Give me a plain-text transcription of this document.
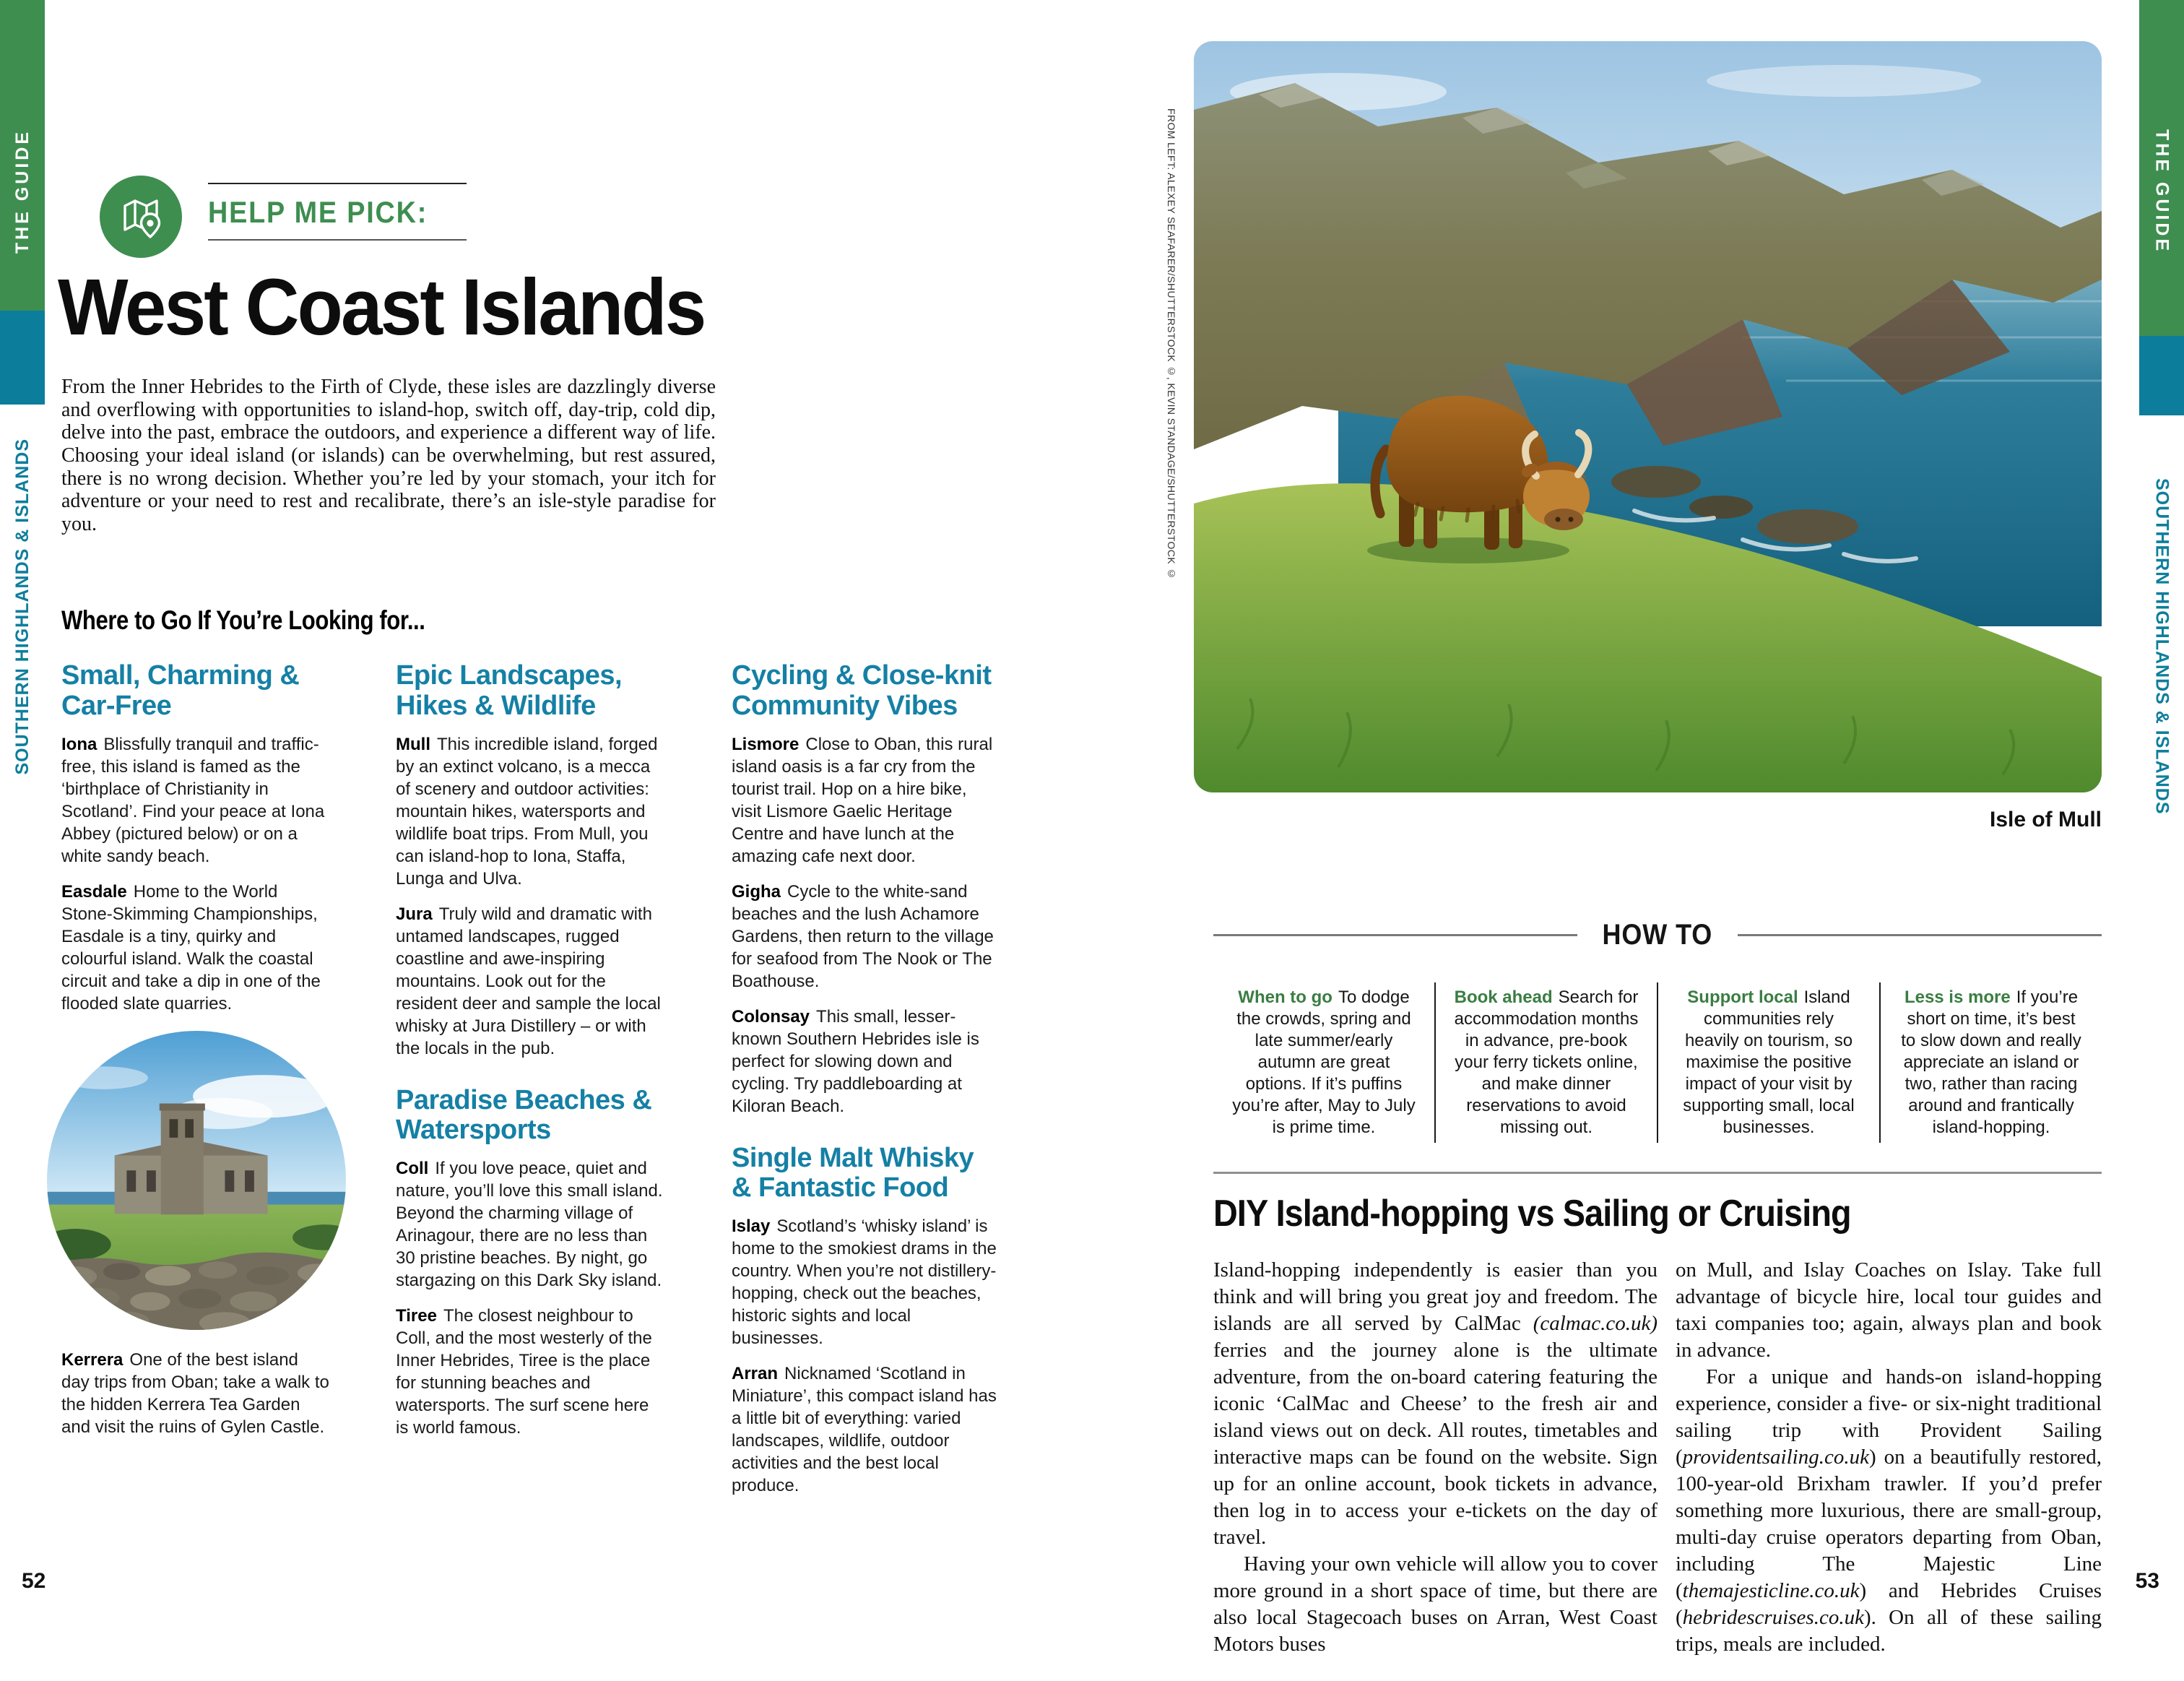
THE GUIDE
SOUTHERN HIGHLANDS & ISLANDS
THE GUIDE
SOUTHERN HIGHLANDS & ISLANDS
HELP ME PICK:
West Coast Islands
From the Inner Hebrides to the Firth of Clyde, these isles are dazzlingly diverse and overflowing with opportunities to island-hop, switch off, day-trip, cold dip, delve into the past, embrace the outdoors, and experience a different way of life. Choosing your ideal island (or islands) can be overwhelming, but rest assured, there is no wrong decision. Whether you’re led by your stomach, your itch for adventure or your need to rest and recalibrate, there’s an isle-style paradise for you.
Where to Go If You’re Looking for...
Small, Charming & Car-Free

Iona Blissfully tranquil and traffic-free, this island is famed as the ‘birthplace of Christianity in Scotland’. Find your peace at Iona Abbey (pictured below) or on a white sandy beach.

Easdale Home to the World Stone-Skimming Championships, Easdale is a tiny, quirky and colourful island. Walk the coastal circuit and take a dip in one of the flooded slate quarries.

Kerrera One of the best island day trips from Oban; take a walk to the hidden Kerrera Tea Garden and visit the ruins of Gylen Castle.

Epic Landscapes, Hikes & Wildlife

Mull This incredible island, forged by an extinct volcano, is a mecca of scenery and outdoor activities: mountain hikes, watersports and wildlife boat trips. From Mull, you can island-hop to Iona, Staffa, Lunga and Ulva.

Jura Truly wild and dramatic with untamed landscapes, rugged coastline and awe-inspiring mountains. Look out for the resident deer and sample the local whisky at Jura Distillery – or with the locals in the pub.

Paradise Beaches & Watersports

Coll If you love peace, quiet and nature, you’ll love this small island. Beyond the charming village of Arinagour, there are no less than 30 pristine beaches. By night, go stargazing on this Dark Sky island.

Tiree The closest neighbour to Coll, and the most westerly of the Inner Hebrides, Tiree is the place for stunning beaches and watersports. The surf scene here is world famous.

Cycling & Close-knit Community Vibes

Lismore Close to Oban, this rural island oasis is a far cry from the tourist trail. Hop on a hire bike, visit Lismore Gaelic Heritage Centre and have lunch at the amazing cafe next door.

Gigha Cycle to the white-sand beaches and the lush Achamore Gardens, then return to the village for seafood from The Nook or The Boathouse.

Colonsay This small, lesser-known Southern Hebrides isle is perfect for slowing down and cycling. Try paddleboarding at Kiloran Beach.

Single Malt Whisky & Fantastic Food

Islay Scotland’s ‘whisky island’ is home to the smokiest drams in the country. When you’re not distillery-hopping, check out the beaches, historic sights and local businesses.

Arran Nicknamed ‘Scotland in Miniature’, this compact island has a little bit of everything: varied landscapes, wildlife, outdoor activities and the best local produce.

52
FROM LEFT: ALEXEY SEAFARER/SHUTTERSTOCK ©, KEVIN STANDAGE/SHUTTERSTOCK ©
Isle of Mull
HOW TO
When to go To dodge the crowds, spring and late summer/early autumn are great options. If it’s puffins you’re after, May to July is prime time.
Book ahead Search for accommodation months in advance, pre-book your ferry tickets online, and make dinner reservations to avoid missing out.
Support local Island communities rely heavily on tourism, so maximise the positive impact of your visit by supporting small, local businesses.
Less is more If you’re short on time, it’s best to slow down and really appreciate an island or two, rather than racing around and frantically island-hopping.
DIY Island-hopping vs Sailing or Cruising

Island-hopping independently is easier than you think and will bring you great joy and freedom. The islands are all served by CalMac (calmac.co.uk) ferries and the journey alone is the ultimate adventure, from the on-board catering featuring the iconic ‘CalMac and Cheese’ to the fresh air and island views out on deck. All routes, timetables and interactive maps can be found on the website. Sign up for an online account, book tickets in advance, then log in to access your e-tickets on the day of travel.

Having your own vehicle will allow you to cover more ground in a short space of time, but there are also local Stagecoach buses on Arran, West Coast Motors buses

on Mull, and Islay Coaches on Islay. Take full advantage of bicycle hire, local tour guides and taxi companies too; again, always plan and book in advance.

For a unique and hands-on island-hopping experience, consider a five- or six-night traditional sailing trip with Provident Sailing (providentsailing.co.uk) on a beautifully restored, 100-year-old Brixham trawler. If you’d prefer something more luxurious, there are small-group, multi-day cruise operators departing from Oban, including The Majestic Line (themajesticline.co.uk) and Hebrides Cruises (hebridescruises.co.uk). On all of these sailing trips, meals are included.

53
